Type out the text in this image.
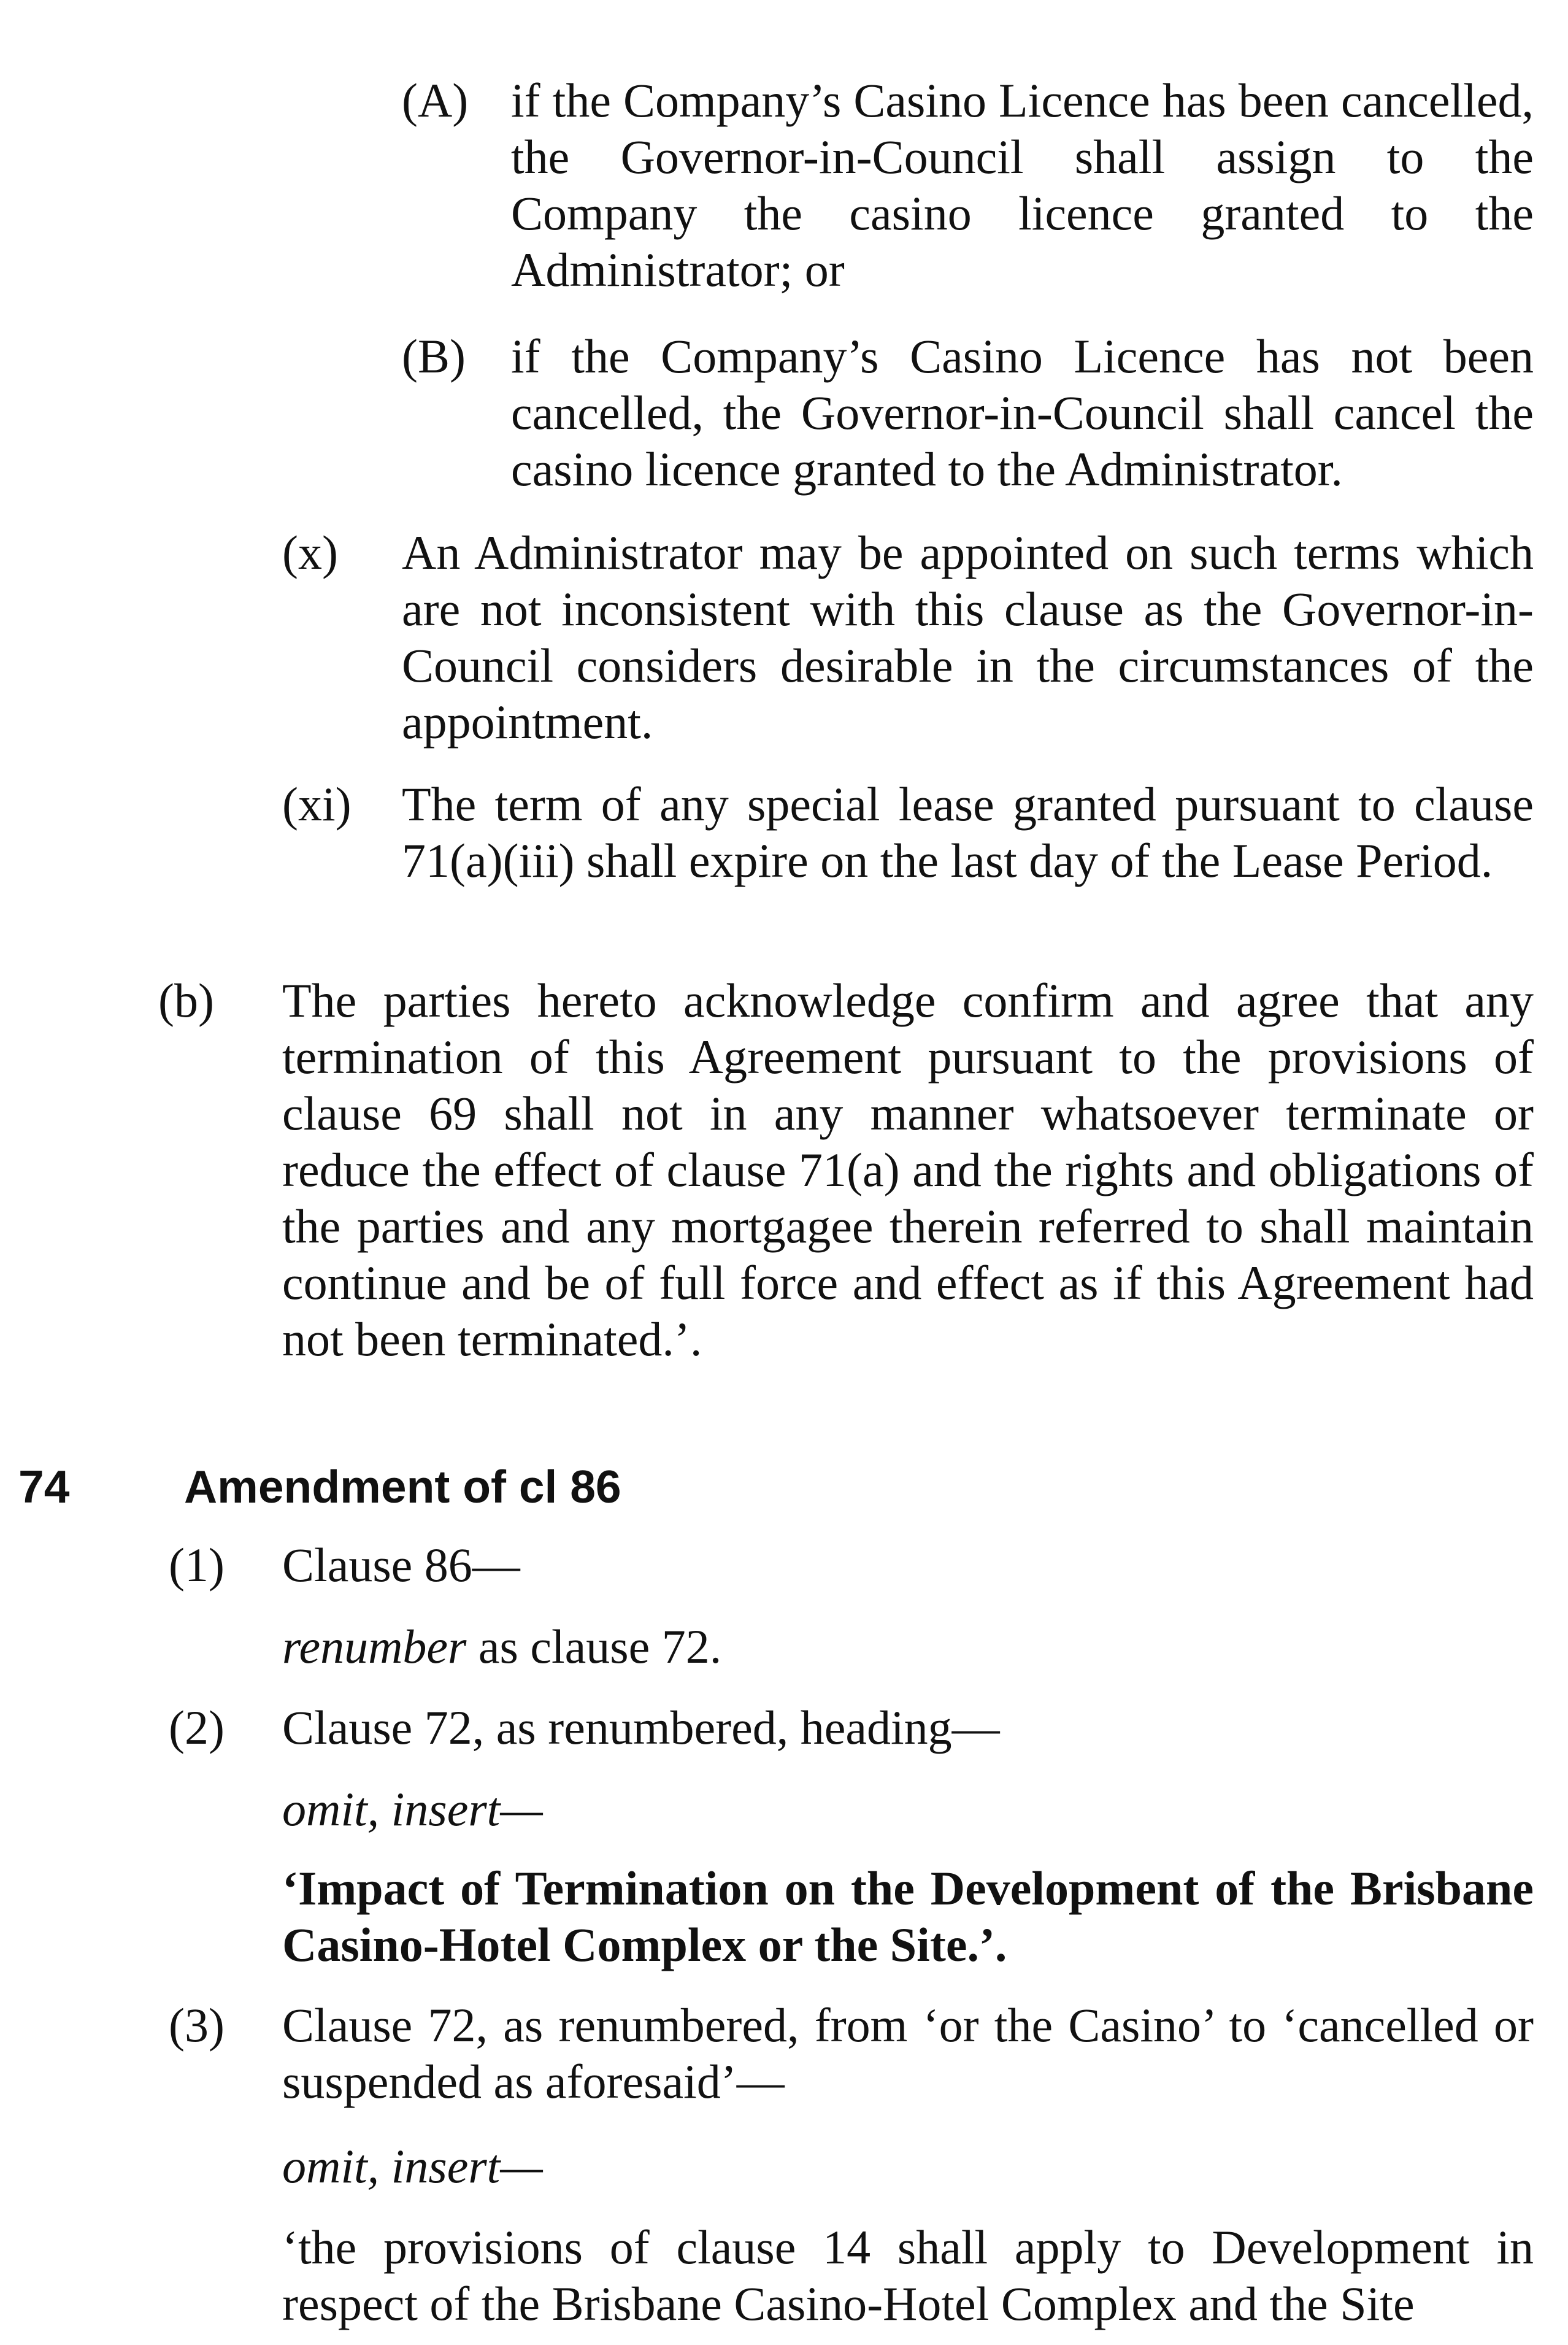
(A) if the Company’s Casino Licence has been cancelled, the Governor-in-Council shall assign to the Company the casino licence granted to the Administrator; or
(B) if the Company’s Casino Licence has not been cancelled, the Governor-in-Council shall cancel the casino licence granted to the Administrator.
(x)	An Administrator may be appointed on such terms which are not inconsistent with this clause as the Governor-in-Council considers desirable in the circumstances of the appointment.
(xi)	The term of any special lease granted pursuant to clause 71(a)(iii) shall expire on the last day of the Lease Period.
(b)	The parties hereto acknowledge confirm and agree that any termination of this Agreement pursuant to the provisions of clause 69 shall not in any manner whatsoever terminate or reduce the effect of clause 71(a) and the rights and obligations of the parties and any mortgagee therein referred to shall maintain continue and be of full force and effect as if this Agreement had not been terminated.’.
74 Amendment of cl 86
(1)	Clause 86—
renumber as clause 72.
(2)	Clause 72, as renumbered, heading—
omit, insert—
‘Impact of Termination on the Development of the Brisbane Casino-Hotel Complex or the Site.’.
(3)	Clause 72, as renumbered, from ‘or the Casino’ to ‘cancelled or suspended as aforesaid’—
omit, insert—
‘the provisions of clause 14 shall apply to Development in respect of the Brisbane Casino-Hotel Complex and the Site
